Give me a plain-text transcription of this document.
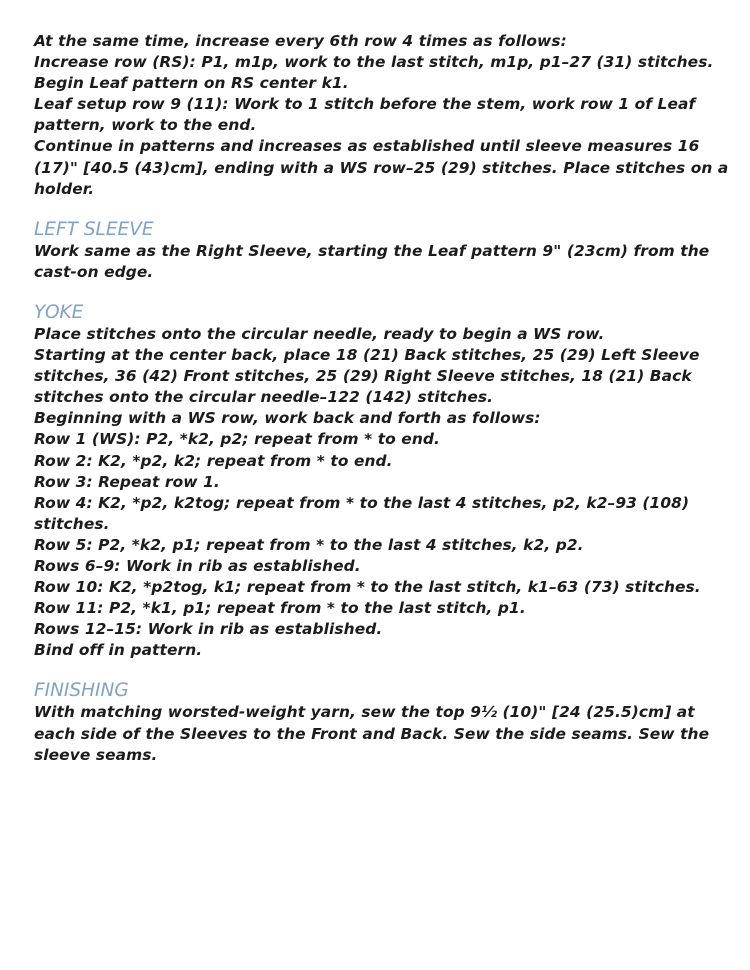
At the same time, increase every 6th row 4 times as follows:
Increase row (RS): P1, m1p, work to the last stitch, m1p, p1–27 (31) stitches.
Begin Leaf pattern on RS center k1.
Leaf setup row 9 (11): Work to 1 stitch before the stem, work row 1 of Leaf
pattern, work to the end.
Continue in patterns and increases as established until sleeve measures 16
(17)" [40.5 (43)cm], ending with a WS row–25 (29) stitches. Place stitches on a
holder.
LEFT SLEEVE
Work same as the Right Sleeve, starting the Leaf pattern 9" (23cm) from the
cast-on edge.
YOKE
Place stitches onto the circular needle, ready to begin a WS row.
Starting at the center back, place 18 (21) Back stitches, 25 (29) Left Sleeve
stitches, 36 (42) Front stitches, 25 (29) Right Sleeve stitches, 18 (21) Back
stitches onto the circular needle–122 (142) stitches.
Beginning with a WS row, work back and forth as follows:
Row 1 (WS): P2, *k2, p2; repeat from * to end.
Row 2: K2, *p2, k2; repeat from * to end.
Row 3: Repeat row 1.
Row 4: K2, *p2, k2tog; repeat from * to the last 4 stitches, p2, k2–93 (108)
stitches.
Row 5: P2, *k2, p1; repeat from * to the last 4 stitches, k2, p2.
Rows 6–9: Work in rib as established.
Row 10: K2, *p2tog, k1; repeat from * to the last stitch, k1–63 (73) stitches.
Row 11: P2, *k1, p1; repeat from * to the last stitch, p1.
Rows 12–15: Work in rib as established.
Bind off in pattern.
FINISHING
With matching worsted-weight yarn, sew the top 9½ (10)" [24 (25.5)cm] at
each side of the Sleeves to the Front and Back. Sew the side seams. Sew the
sleeve seams.
